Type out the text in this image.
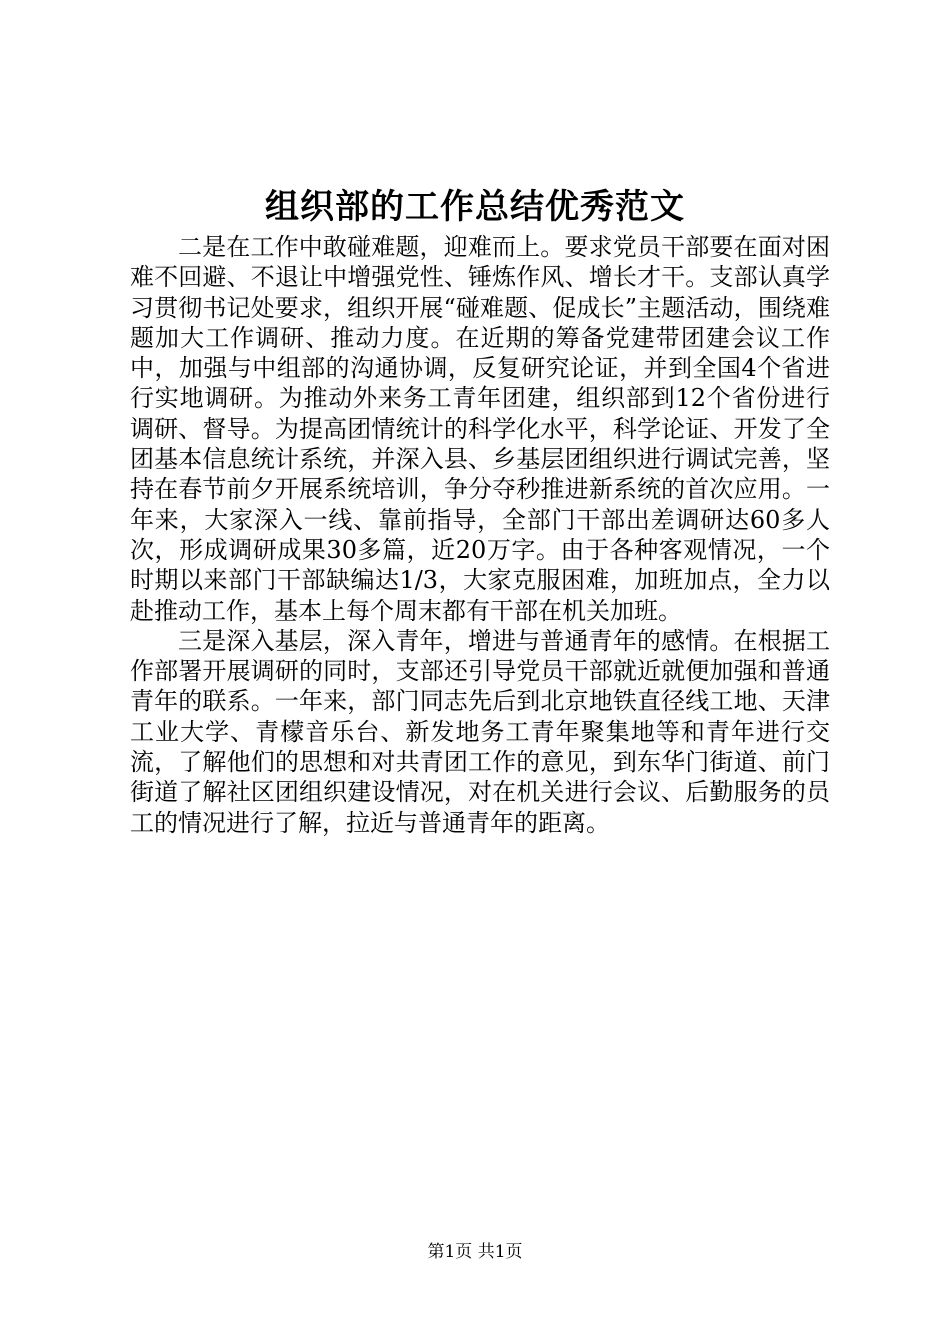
组织部的工作总结优秀范文

二是在工作中敢碰难题，迎难而上。要求党员干部要在面对困难不回避、不退让中增强党性、锤炼作风、增长才干。支部认真学习贯彻书记处要求，组织开展“碰难题、促成长”主题活动，围绕难题加大工作调研、推动力度。在近期的筹备党建带团建会议工作中，加强与中组部的沟通协调，反复研究论证，并到全国4个省进行实地调研。为推动外来务工青年团建，组织部到12个省份进行调研、督导。为提高团情统计的科学化水平，科学论证、开发了全团基本信息统计系统，并深入县、乡基层团组织进行调试完善，坚持在春节前夕开展系统培训，争分夺秒推进新系统的首次应用。一年来，大家深入一线、靠前指导，全部门干部出差调研达60多人次，形成调研成果30多篇，近20万字。由于各种客观情况，一个时期以来部门干部缺编达1/3，大家克服困难，加班加点，全力以赴推动工作，基本上每个周末都有干部在机关加班。

三是深入基层，深入青年，增进与普通青年的感情。在根据工作部署开展调研的同时，支部还引导党员干部就近就便加强和普通青年的联系。一年来，部门同志先后到北京地铁直径线工地、天津工业大学、青檬音乐台、新发地务工青年聚集地等和青年进行交流，了解他们的思想和对共青团工作的意见，到东华门街道、前门街道了解社区团组织建设情况，对在机关进行会议、后勤服务的员工的情况进行了解，拉近与普通青年的距离。

第1页 共1页
